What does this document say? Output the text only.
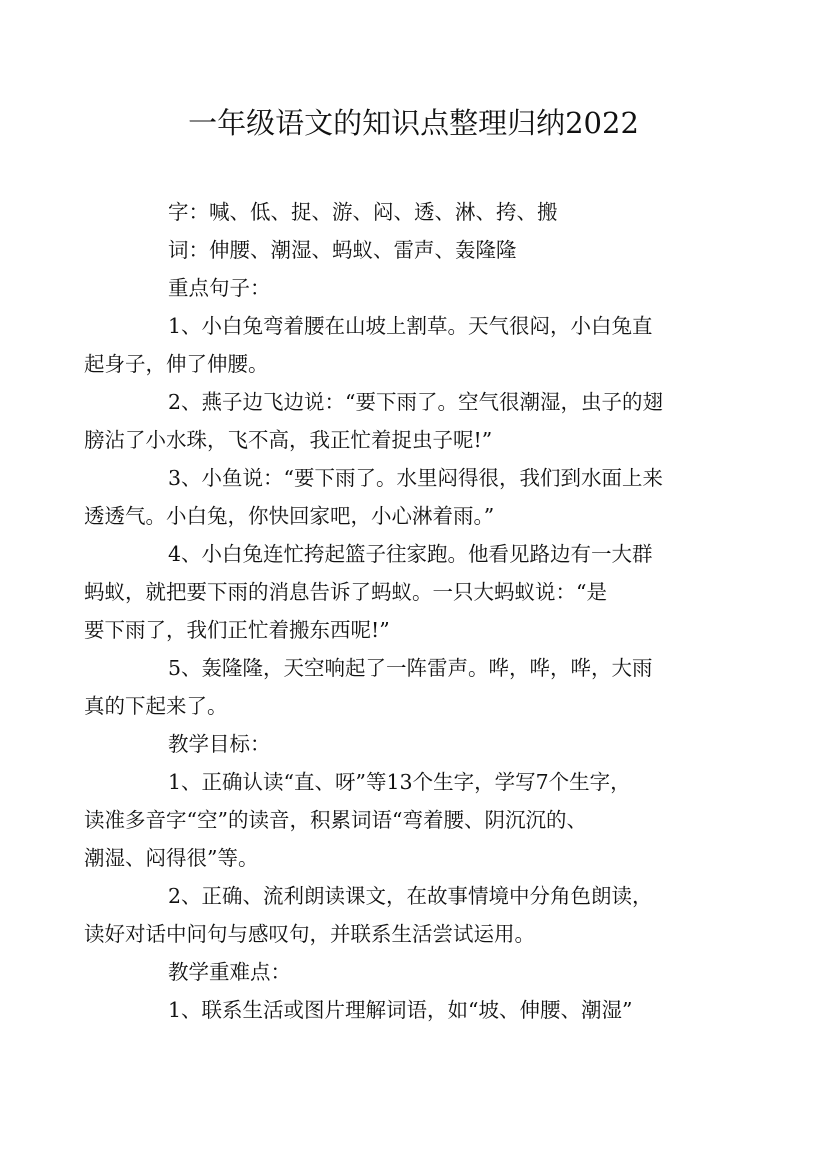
一年级语文的知识点整理归纳2022
字：喊、低、捉、游、闷、透、淋、挎、搬
词：伸腰、潮湿、蚂蚁、雷声、轰隆隆
重点句子：
1、小白兔弯着腰在山坡上割草。天气很闷，小白兔直
起身子，伸了伸腰。
2、燕子边飞边说：“要下雨了。空气很潮湿，虫子的翅
膀沾了小水珠，飞不高，我正忙着捉虫子呢!”
3、小鱼说：“要下雨了。水里闷得很，我们到水面上来
透透气。小白兔，你快回家吧，小心淋着雨。”
4、小白兔连忙挎起篮子往家跑。他看见路边有一大群
蚂蚁，就把要下雨的消息告诉了蚂蚁。一只大蚂蚁说：“是
要下雨了，我们正忙着搬东西呢!”
5、轰隆隆，天空响起了一阵雷声。哗，哗，哗，大雨
真的下起来了。
教学目标：
1、正确认读“直、呀”等13个生字，学写7个生字，
读准多音字“空”的读音，积累词语“弯着腰、阴沉沉的、
潮湿、闷得很”等。
2、正确、流利朗读课文，在故事情境中分角色朗读，
读好对话中问句与感叹句，并联系生活尝试运用。
教学重难点：
1、联系生活或图片理解词语，如“坡、伸腰、潮湿”
